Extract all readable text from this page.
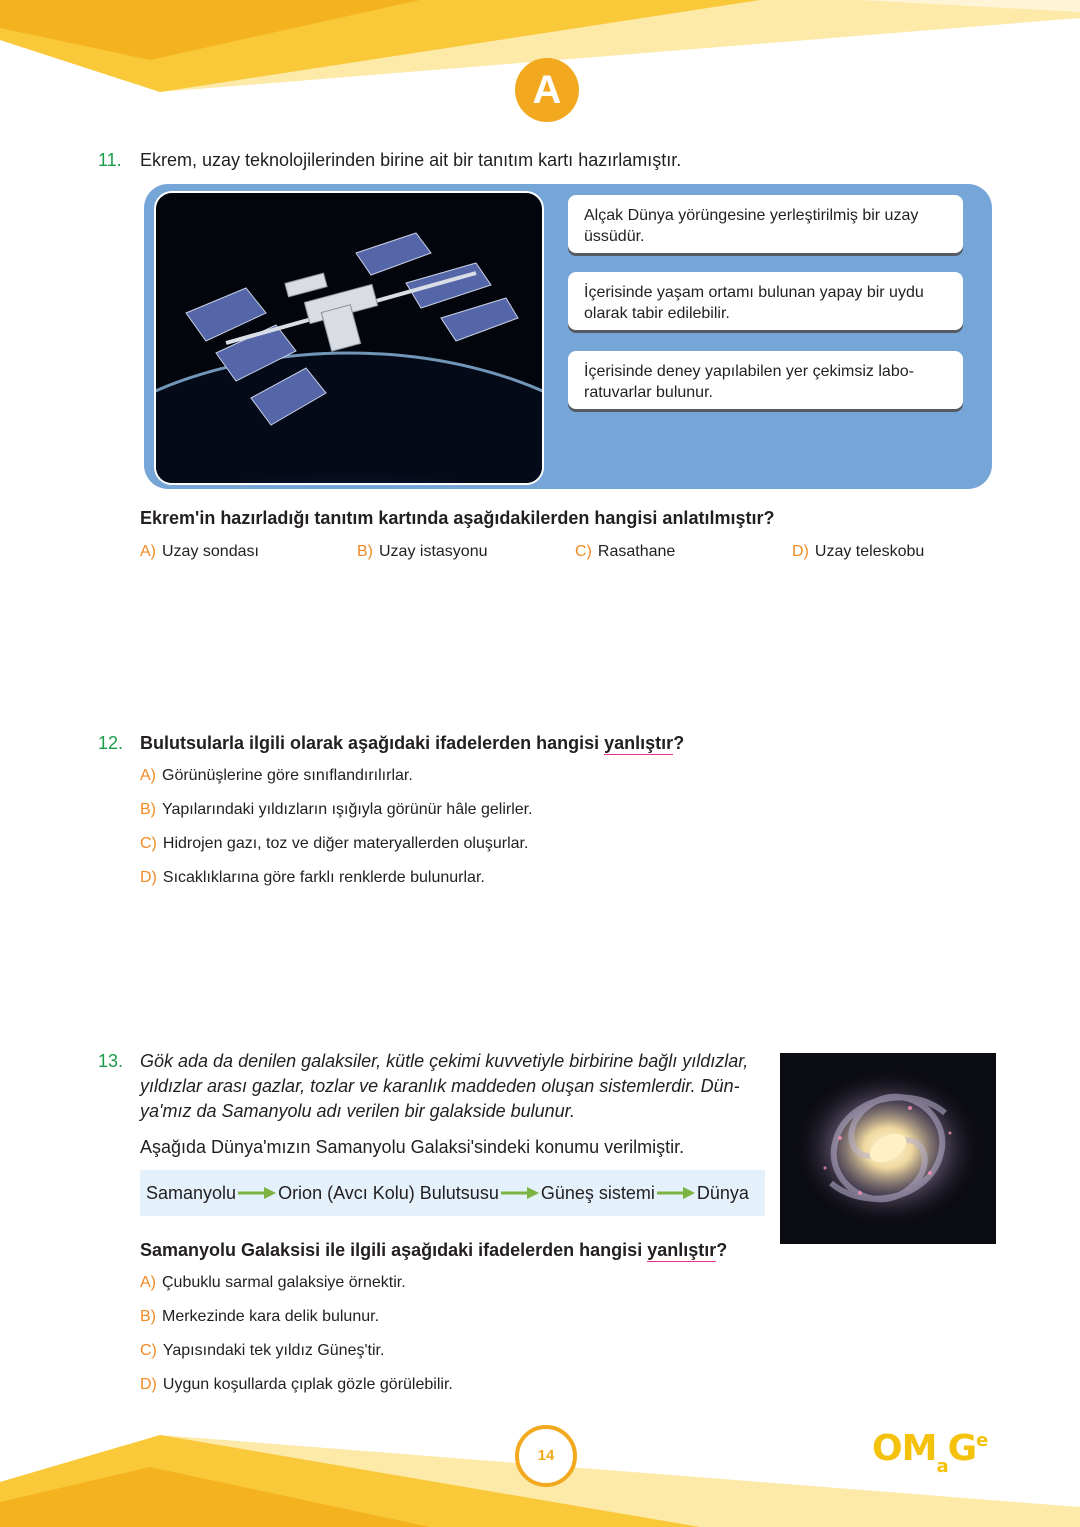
A
11. Ekrem, uzay teknolojilerinden birine ait bir tanıtım kartı hazırlamıştır.
Alçak Dünya yörüngesine yerleştirilmiş bir uzay üssüdür.
İçerisinde yaşam ortamı bulunan yapay bir uydu olarak tabir edilebilir.
İçerisinde deney yapılabilen yer çekimsiz labo- ratuvarlar bulunur.
Ekrem'in hazırladığı tanıtım kartında aşağıdakilerden hangisi anlatılmıştır?
A) Uzay sondası	B) Uzay istasyonu	C) Rasathane	D) Uzay teleskobu
12. Bulutsularla ilgili olarak aşağıdaki ifadelerden hangisi yanlıştır?
A) Görünüşlerine göre sınıflandırılırlar.
B) Yapılarındaki yıldızların ışığıyla görünür hâle gelirler.
C) Hidrojen gazı, toz ve diğer materyallerden oluşurlar.
D) Sıcaklıklarına göre farklı renklerde bulunurlar.
13. Gök ada da denilen galaksiler, kütle çekimi kuvvetiyle birbirine bağlı yıldızlar,
yıldızlar arası gazlar, tozlar ve karanlık maddeden oluşan sistemlerdir. Dün-
ya'mız da Samanyolu adı verilen bir galakside bulunur.
Aşağıda Dünya'mızın Samanyolu Galaksi'sindeki konumu verilmiştir.
Samanyolu Orion (Avcı Kolu) Bulutsusu Güneş sistemi Dünya
Samanyolu Galaksisi ile ilgili aşağıdaki ifadelerden hangisi yanlıştır?
A) Çubuklu sarmal galaksiye örnektir.
B) Merkezinde kara delik bulunur.
C) Yapısındaki tek yıldız Güneş'tir.
D) Uygun koşullarda çıplak gözle görülebilir.
14	$OM_aG^e$
